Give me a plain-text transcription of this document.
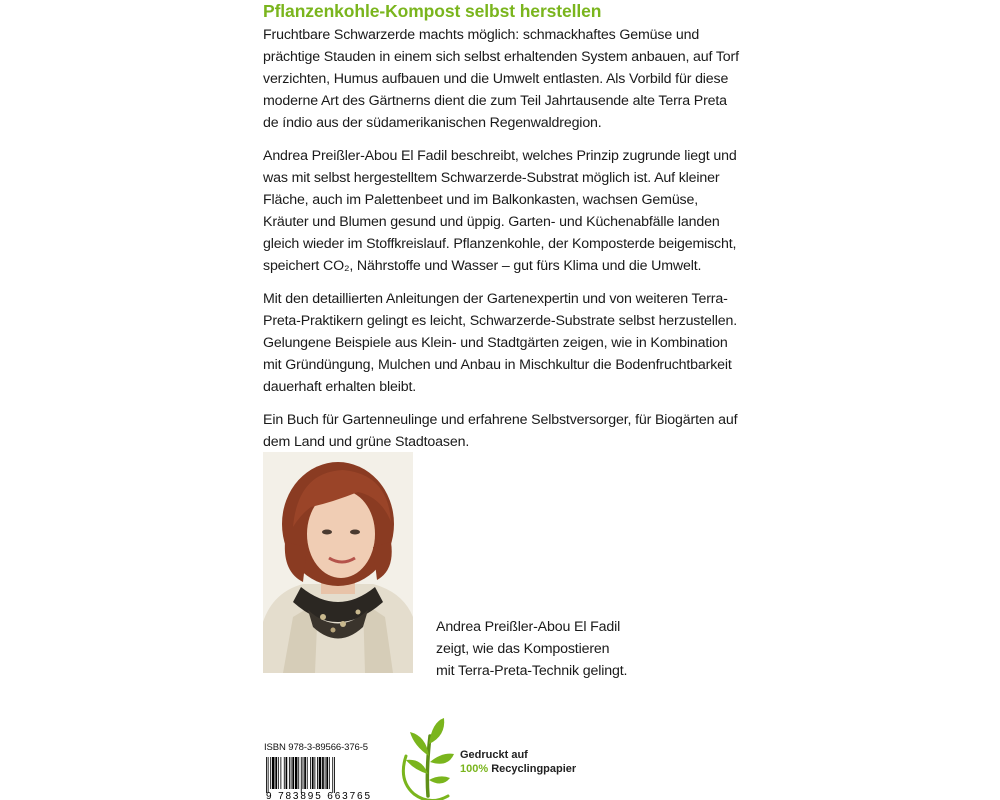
Pflanzenkohle-Kompost selbst herstellen

Fruchtbare Schwarzerde machts möglich: schmackhaftes Gemüse und prächtige Stauden in einem sich selbst erhaltenden System anbauen, auf Torf verzichten, Humus aufbauen und die Umwelt entlasten. Als Vorbild für diese moderne Art des Gärtnerns dient die zum Teil Jahrtausende alte Terra Preta de índio aus der südamerikanischen Regenwaldregion.

Andrea Preißler-Abou El Fadil beschreibt, welches Prinzip zugrunde liegt und was mit selbst hergestelltem Schwarzerde-Substrat möglich ist. Auf kleiner Fläche, auch im Palettenbeet und im Balkonkasten, wachsen Gemüse, Kräuter und Blumen gesund und üppig. Garten- und Küchenabfälle landen gleich wieder im Stoffkreislauf. Pflanzenkohle, der Komposterde beigemischt, speichert CO₂, Nährstoffe und Wasser – gut fürs Klima und die Umwelt.

Mit den detaillierten Anleitungen der Gartenexpertin und von weiteren Terra-Preta-Praktikern gelingt es leicht, Schwarzerde-Substrate selbst herzustellen. Gelungene Beispiele aus Klein- und Stadtgärten zeigen, wie in Kombination mit Gründüngung, Mulchen und Anbau in Mischkultur die Bodenfruchtbarkeit dauerhaft erhalten bleibt.

Ein Buch für Gartenneulinge und erfahrene Selbstversorger, für Biogärten auf dem Land und grüne Stadtoasen.

Andrea Preißler-Abou El Fadil
zeigt, wie das Kompostieren
mit Terra-Preta-Technik gelingt.
ISBN 978-3-89566-376-5
9 783895 663765
Gedruckt auf
100% Recyclingpapier
